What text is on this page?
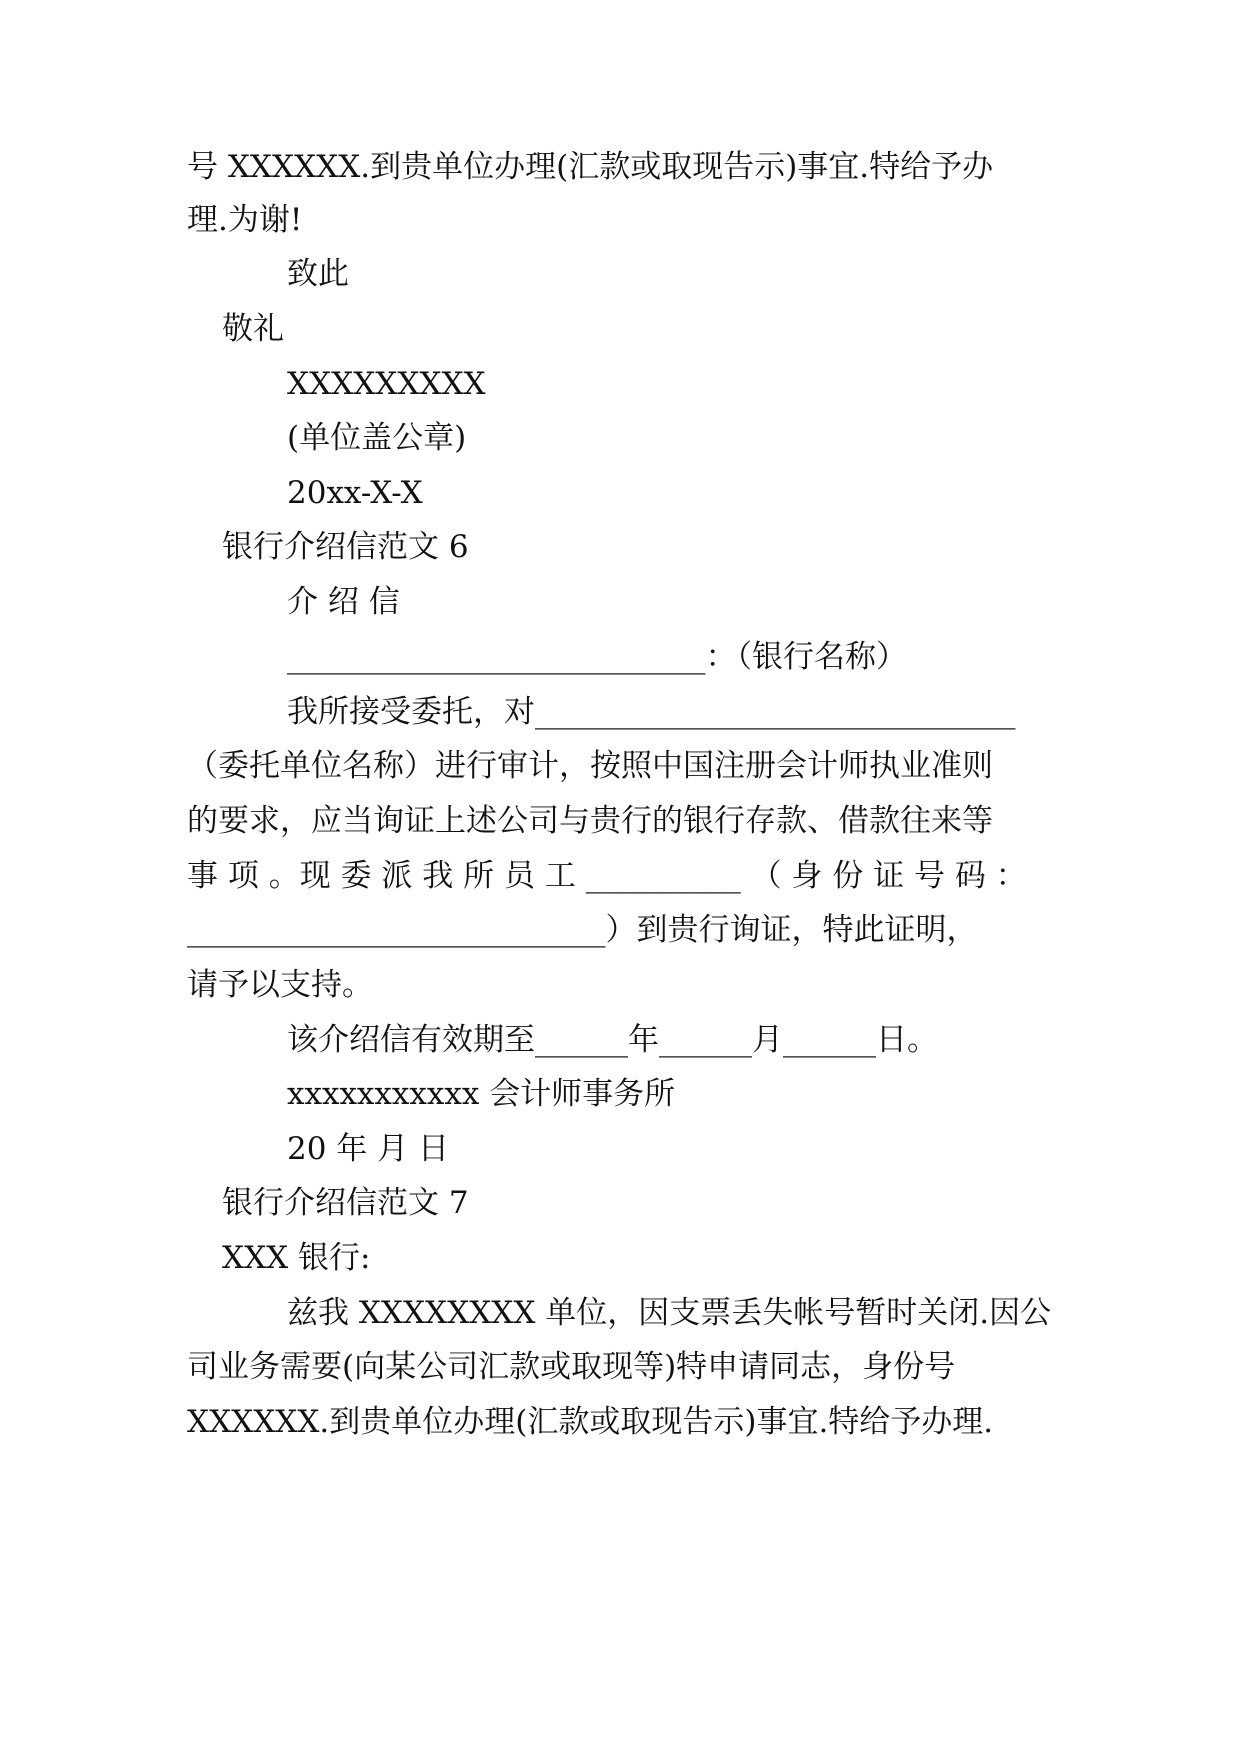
号 XXXXXX.到贵单位办理(汇款或取现告示)事宜.特给予办
理.为谢!
致此
敬礼
XXXXXXXXX
(单位盖公章)
20xx-X-X
银行介绍信范文 6
介 绍 信
___________________________：（银行名称）
我所接受委托，对_______________________________
（委托单位名称）进行审计，按照中国注册会计师执业准则
的要求，应当询证上述公司与贵行的银行存款、借款往来等
事 项 。现 委 派 我 所 员 工 __________ （ 身 份 证 号 码 ：
___________________________）到贵行询证，特此证明，
请予以支持。
该介绍信有效期至______年______月______日。
xxxxxxxxxxx 会计师事务所
20 年 月 日
银行介绍信范文 7
XXX 银行:
兹我 XXXXXXXX 单位，因支票丢失帐号暂时关闭.因公
司业务需要(向某公司汇款或取现等)特申请同志，身份号
XXXXXX.到贵单位办理(汇款或取现告示)事宜.特给予办理.
